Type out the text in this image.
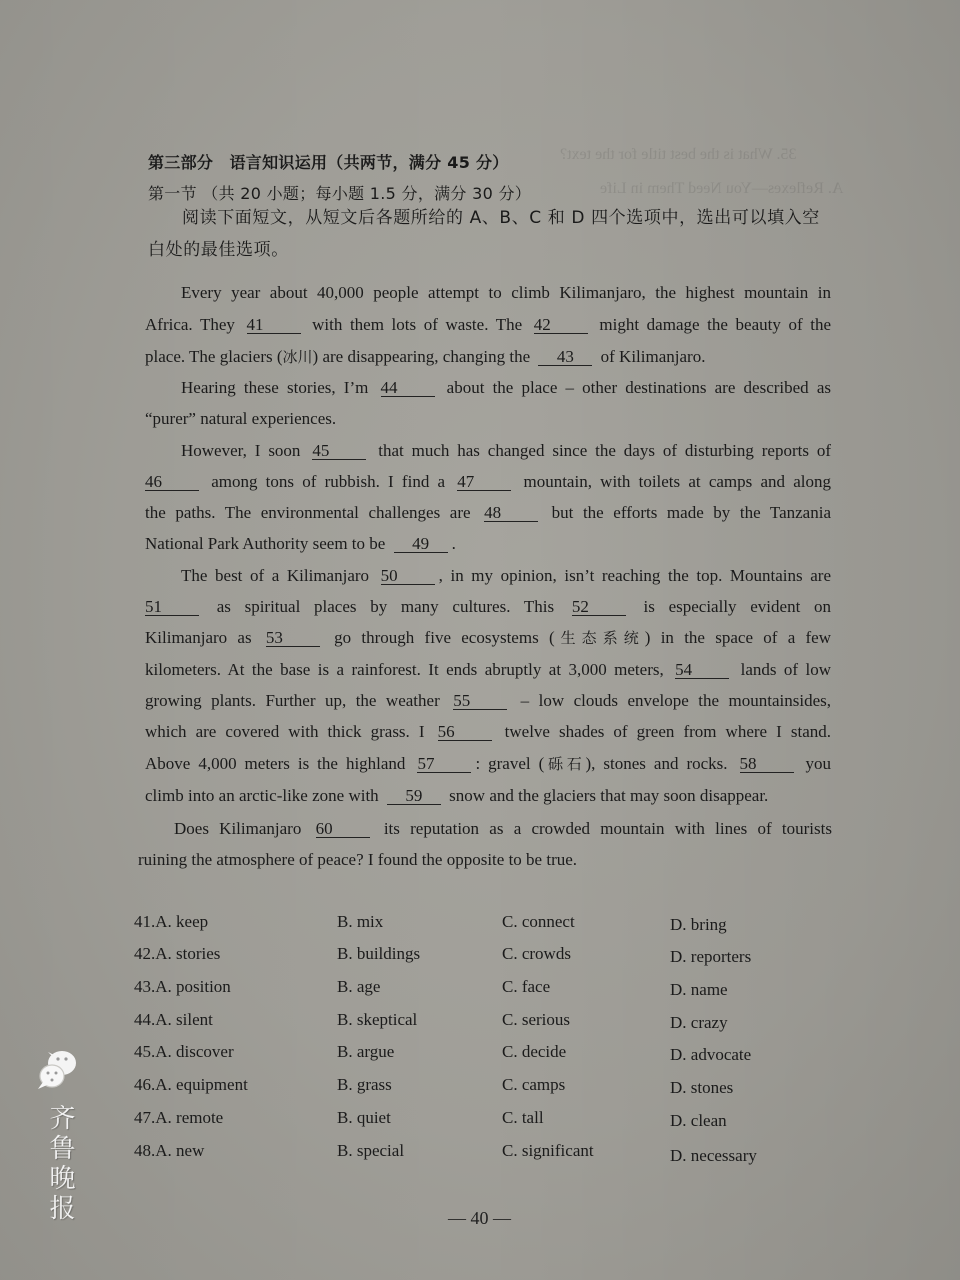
35. What is the best title for the text?
A. Reflexes—You Need Them in Life
第三部分　语言知识运用（共两节，满分 45 分）
第一节 （共 20 小题；每小题 1.5 分，满分 30 分）
阅读下面短文，从短文后各题所给的 A、B、C 和 D 四个选项中，选出可以填入空白处的最佳选项。
Every year about 40,000 people attempt to climb Kilimanjaro, the highest mountain in
Africa. They 41 with them lots of waste. The 42 might damage the beauty of the
place. The glaciers (冰川) are disappearing, changing the 43 of Kilimanjaro.
Hearing these stories, I’m 44 about the place – other destinations are described as
“purer” natural experiences.
However, I soon 45 that much has changed since the days of disturbing reports of
46 among tons of rubbish. I find a 47 mountain, with toilets at camps and along
the paths. The environmental challenges are 48 but the efforts made by the Tanzania
National Park Authority seem to be 49 .
The best of a Kilimanjaro 50 , in my opinion, isn’t reaching the top. Mountains are
51 as spiritual places by many cultures. This 52 is especially evident on
Kilimanjaro as 53 go through five ecosystems (生态系统) in the space of a few
kilometers. At the base is a rainforest. It ends abruptly at 3,000 meters, 54 lands of low
growing plants. Further up, the weather 55 – low clouds envelope the mountainsides,
which are covered with thick grass. I 56 twelve shades of green from where I stand.
Above 4,000 meters is the highland 57 : gravel (砾石), stones and rocks. 58 you
climb into an arctic-like zone with 59 snow and the glaciers that may soon disappear.
Does Kilimanjaro 60 its reputation as a crowded mountain with lines of tourists
ruining the atmosphere of peace? I found the opposite to be true.
41.A. keep	B. mix	C. connect	D. bring
42.A. stories	B. buildings	C. crowds	D. reporters
43.A. position	B. age	C. face	D. name
44.A. silent	B. skeptical	C. serious	D. crazy
45.A. discover	B. argue	C. decide	D. advocate
46.A. equipment	B. grass	C. camps	D. stones
47.A. remote	B. quiet	C. tall	D. clean
48.A. new	B. special	C. significant	D. necessary
— 40 —
齐鲁晚报
